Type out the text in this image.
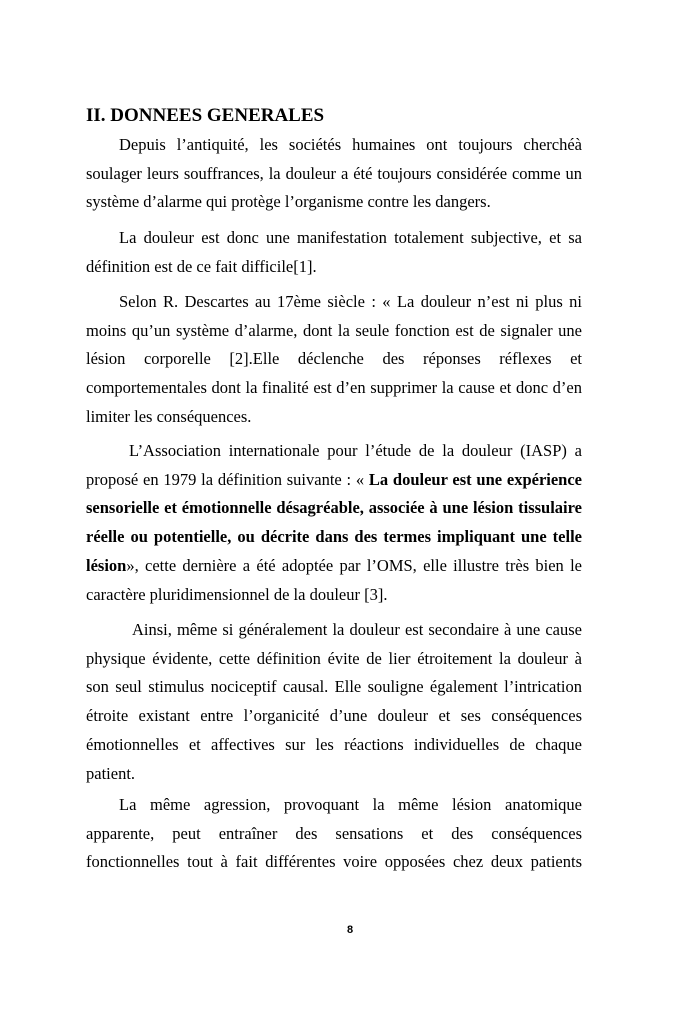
II. DONNEES GENERALES

Depuis l’antiquité, les sociétés humaines ont toujours cherchéà
soulager leurs souffrances, la douleur a été toujours considérée comme un
système d’alarme qui protège l’organisme contre les dangers.

La douleur est donc une manifestation totalement subjective, et sa
définition est de ce fait difficile[1].

Selon R. Descartes au 17ème siècle : « La douleur n’est ni plus ni
moins qu’un système d’alarme, dont la seule fonction est de signaler une
lésion corporelle [2].Elle déclenche des réponses réflexes et
comportementales dont la finalité est d’en supprimer la cause et donc d’en
limiter les conséquences.

L’Association internationale pour l’étude de la douleur (IASP) a
proposé en 1979 la définition suivante : « La douleur est une expérience
sensorielle et émotionnelle désagréable, associée à une lésion tissulaire
réelle ou potentielle, ou décrite dans des termes impliquant une telle
lésion», cette dernière a été adoptée par l’OMS, elle illustre très bien le
caractère pluridimensionnel de la douleur [3].

Ainsi, même si généralement la douleur est secondaire à une cause
physique évidente, cette définition évite de lier étroitement la douleur à
son seul stimulus nociceptif causal. Elle souligne également l’intrication
étroite existant entre l’organicité d’une douleur et ses conséquences
émotionnelles et affectives sur les réactions individuelles de chaque
patient.

La même agression, provoquant la même lésion anatomique
apparente, peut entraîner des sensations et des conséquences
fonctionnelles tout à fait différentes voire opposées chez deux patients

8
